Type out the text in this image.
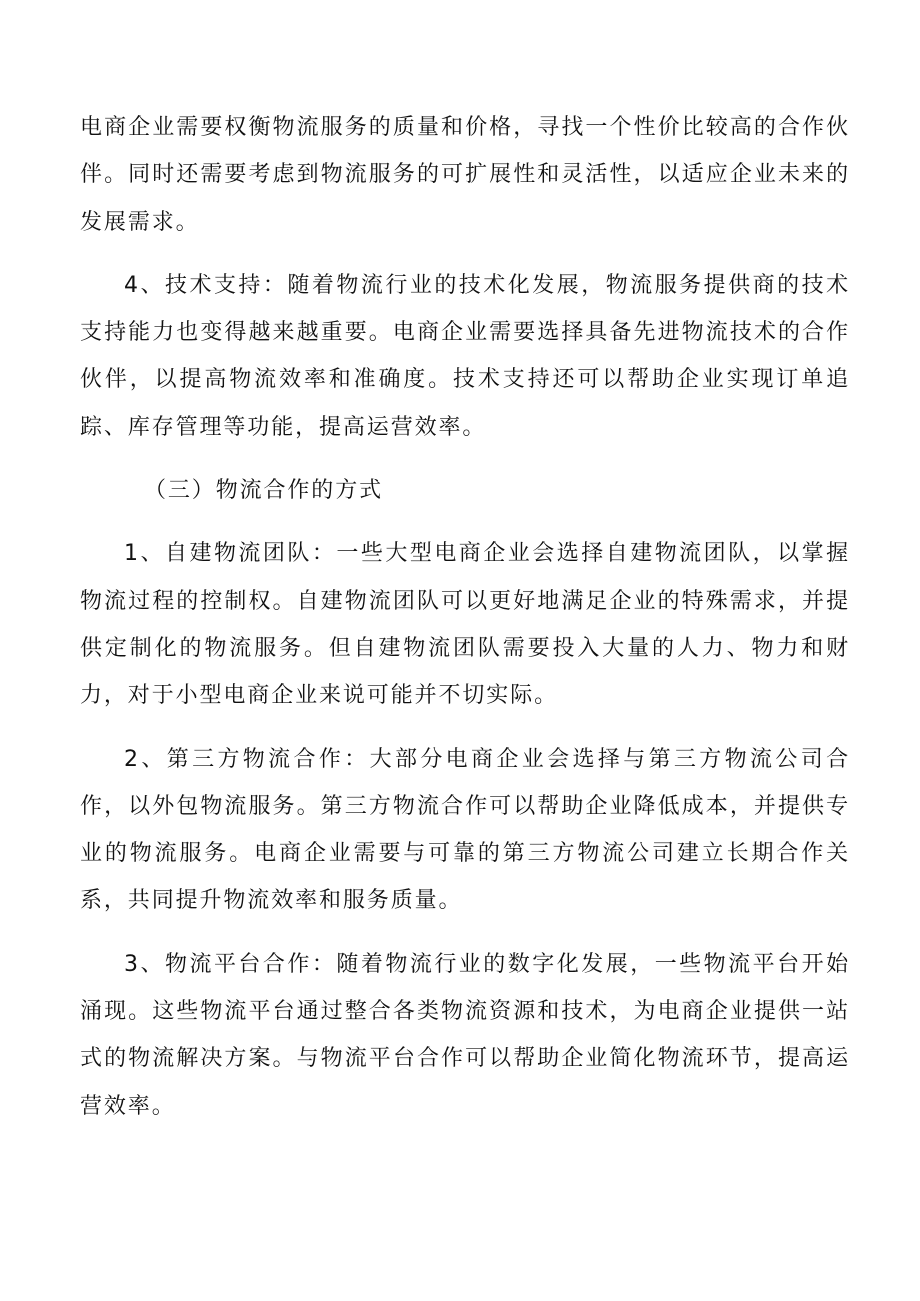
电商企业需要权衡物流服务的质量和价格，寻找一个性价比较高的合作伙伴。同时还需要考虑到物流服务的可扩展性和灵活性，以适应企业未来的发展需求。

4、技术支持：随着物流行业的技术化发展，物流服务提供商的技术支持能力也变得越来越重要。电商企业需要选择具备先进物流技术的合作伙伴，以提高物流效率和准确度。技术支持还可以帮助企业实现订单追踪、库存管理等功能，提高运营效率。

（三）物流合作的方式

1、自建物流团队：一些大型电商企业会选择自建物流团队，以掌握物流过程的控制权。自建物流团队可以更好地满足企业的特殊需求，并提供定制化的物流服务。但自建物流团队需要投入大量的人力、物力和财力，对于小型电商企业来说可能并不切实际。

2、第三方物流合作：大部分电商企业会选择与第三方物流公司合作，以外包物流服务。第三方物流合作可以帮助企业降低成本，并提供专业的物流服务。电商企业需要与可靠的第三方物流公司建立长期合作关系，共同提升物流效率和服务质量。

3、物流平台合作：随着物流行业的数字化发展，一些物流平台开始涌现。这些物流平台通过整合各类物流资源和技术，为电商企业提供一站式的物流解决方案。与物流平台合作可以帮助企业简化物流环节，提高运营效率。
